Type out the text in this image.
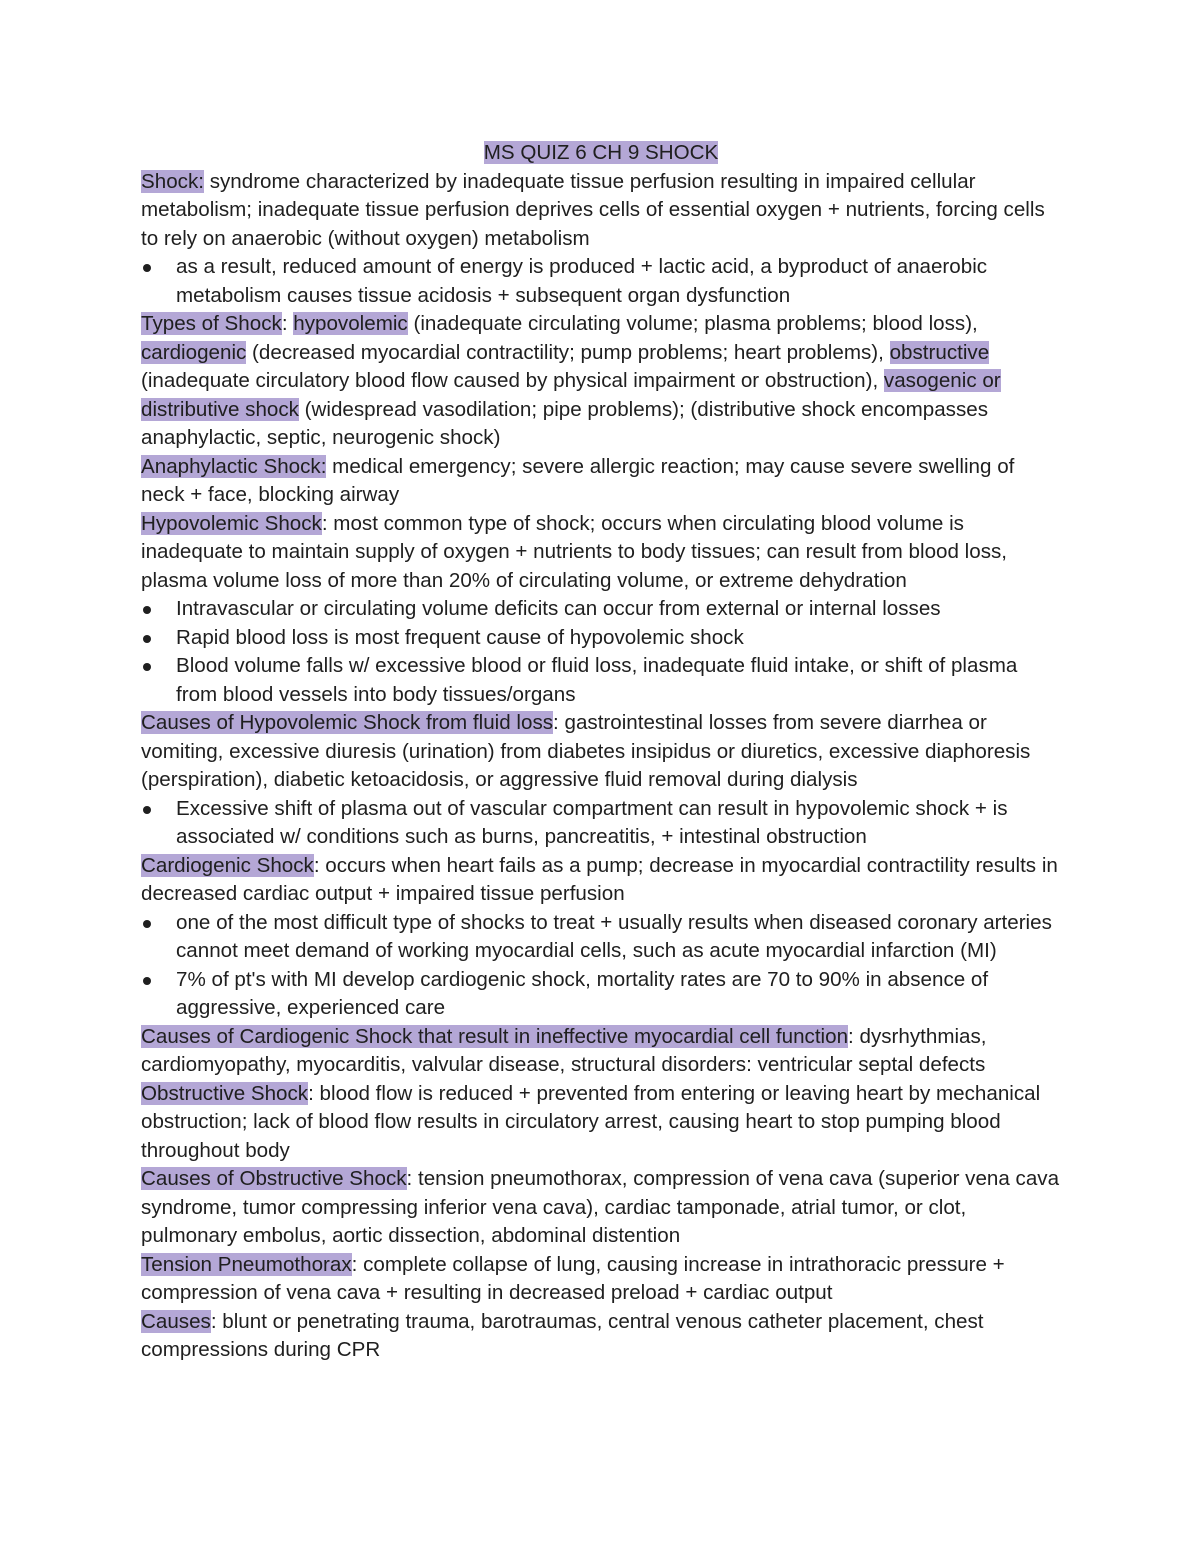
MS QUIZ 6 CH 9 SHOCK

Shock: syndrome characterized by inadequate tissue perfusion resulting in impaired cellular metabolism; inadequate tissue perfusion deprives cells of essential oxygen + nutrients, forcing cells to rely on anaerobic (without oxygen) metabolism

as a result, reduced amount of energy is produced + lactic acid, a byproduct of anaerobic metabolism causes tissue acidosis + subsequent organ dysfunction

Types of Shock: hypovolemic (inadequate circulating volume; plasma problems; blood loss), cardiogenic (decreased myocardial contractility; pump problems; heart problems), obstructive (inadequate circulatory blood flow caused by physical impairment or obstruction), vasogenic or distributive shock (widespread vasodilation; pipe problems); (distributive shock encompasses anaphylactic, septic, neurogenic shock)

Anaphylactic Shock: medical emergency; severe allergic reaction; may cause severe swelling of neck + face, blocking airway

Hypovolemic Shock: most common type of shock; occurs when circulating blood volume is inadequate to maintain supply of oxygen + nutrients to body tissues; can result from blood loss, plasma volume loss of more than 20% of circulating volume, or extreme dehydration

Intravascular or circulating volume deficits can occur from external or internal losses
Rapid blood loss is most frequent cause of hypovolemic shock
Blood volume falls w/ excessive blood or fluid loss, inadequate fluid intake, or shift of plasma from blood vessels into body tissues/organs

Causes of Hypovolemic Shock from fluid loss: gastrointestinal losses from severe diarrhea or vomiting, excessive diuresis (urination) from diabetes insipidus or diuretics, excessive diaphoresis (perspiration), diabetic ketoacidosis, or aggressive fluid removal during dialysis

Excessive shift of plasma out of vascular compartment can result in hypovolemic shock + is associated w/ conditions such as burns, pancreatitis, + intestinal obstruction

Cardiogenic Shock: occurs when heart fails as a pump; decrease in myocardial contractility results in decreased cardiac output + impaired tissue perfusion

one of the most difficult type of shocks to treat + usually results when diseased coronary arteries cannot meet demand of working myocardial cells, such as acute myocardial infarction (MI)
7% of pt's with MI develop cardiogenic shock, mortality rates are 70 to 90% in absence of aggressive, experienced care

Causes of Cardiogenic Shock that result in ineffective myocardial cell function: dysrhythmias, cardiomyopathy, myocarditis, valvular disease, structural disorders: ventricular septal defects

Obstructive Shock: blood flow is reduced + prevented from entering or leaving heart by mechanical obstruction; lack of blood flow results in circulatory arrest, causing heart to stop pumping blood throughout body

Causes of Obstructive Shock: tension pneumothorax, compression of vena cava (superior vena cava syndrome, tumor compressing inferior vena cava), cardiac tamponade, atrial tumor, or clot, pulmonary embolus, aortic dissection, abdominal distention

Tension Pneumothorax: complete collapse of lung, causing increase in intrathoracic pressure + compression of vena cava + resulting in decreased preload + cardiac output

Causes: blunt or penetrating trauma, barotraumas, central venous catheter placement, chest compressions during CPR
